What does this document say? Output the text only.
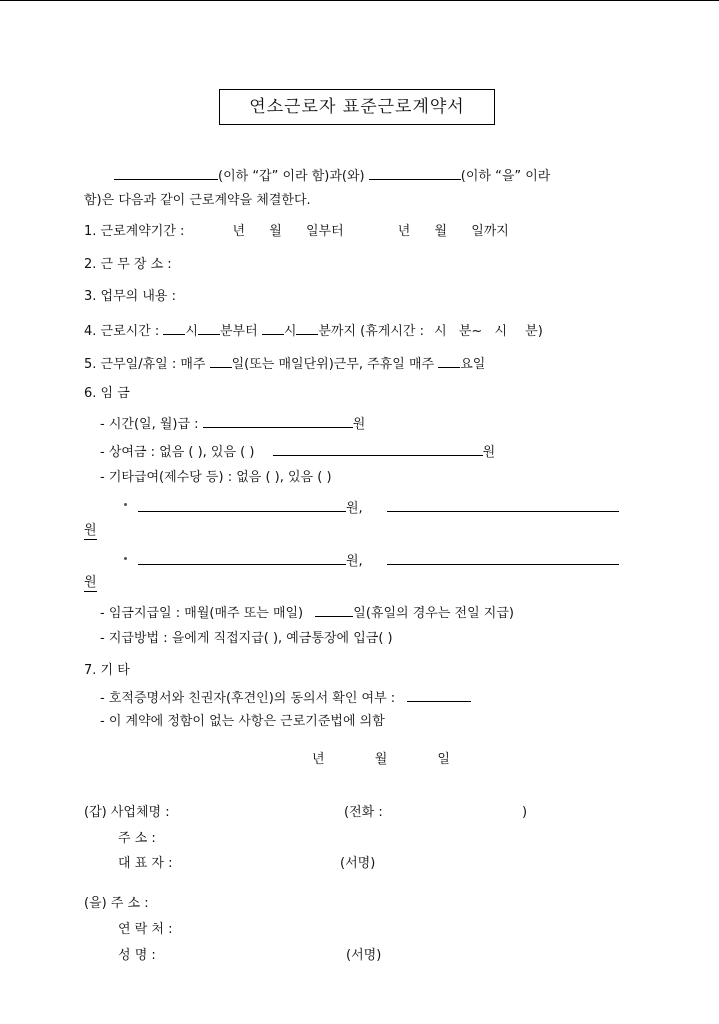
연소근로자 표준근로계약서
(이하 “갑” 이라 함)과(와)	(이하 “을” 이라
함)은 다음과 같이 근로계약을 체결한다.
1. 근로계약기간 :	년 월 일부터	년 월 일까지
2. 근 무 장 소 :
3. 업무의 내용 :
4. 근로시간 : 시 분부터 시 분까지 (휴게시간 : 시 분~ 시 분)
5. 근무일/휴일 : 매주 일(또는 매일단위)근무, 주휴일 매주 요일
6. 임 금
- 시간(일, 월)급 :	원
- 상여금 : 없음 ( ), 있음 ( )	원
- 기타급여(제수당 등) : 없음 ( ), 있음 ( )
원,
원
원,
원
- 임금지급일 : 매월(매주 또는 매일)	일(휴일의 경우는 전일 지급)
- 지급방법 : 을에게 직접지급( ), 예금통장에 입금( )
7. 기 타
- 호적증명서와 친권자(후견인)의 동의서 확인 여부 :
- 이 계약에 정함이 없는 사항은 근로기준법에 의함
년	월	일
(갑) 사업체명 :	(전화 :	)
주 소 :
대 표 자 :	(서명)
(을) 주 소 :
연 락 처 :
성 명 :	(서명)
